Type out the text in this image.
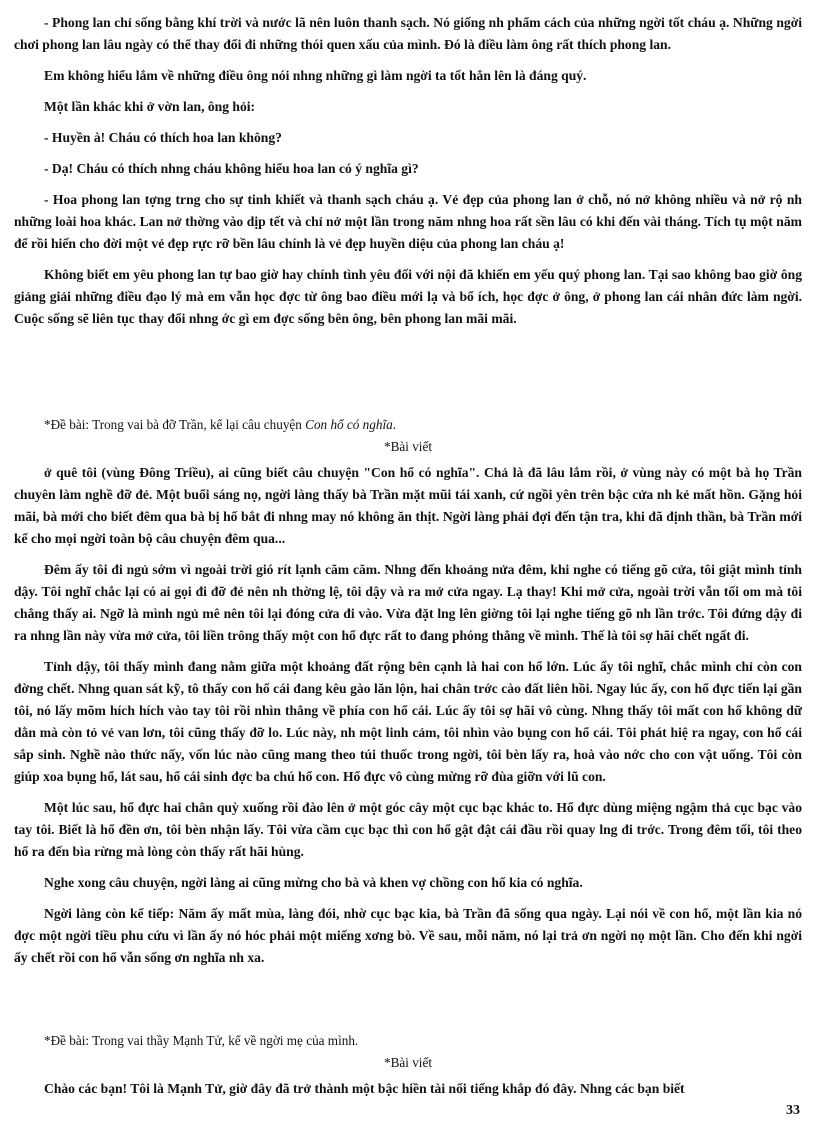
- Phong lan chỉ sống bằng khí trời và nước lã nên luôn thanh sạch. Nó giống nh phẩm cách của những ngời tốt cháu ạ. Những ngời chơi phong lan lâu ngày có thể thay đổi đi những thói quen xấu của mình. Đó là điều làm ông rất thích phong lan.

Em không hiểu lắm về những điều ông nói nhng những gì làm ngời ta tốt hẳn lên là đáng quý.

Một lần khác khi ở vờn lan, ông hỏi:

- Huyền à! Cháu có thích hoa lan không?

- Dạ! Cháu có thích nhng cháu không hiểu hoa lan có ý nghĩa gì?

- Hoa phong lan tợng trng cho sự tinh khiết và thanh sạch cháu ạ. Vẻ đẹp của phong lan ở chỗ, nó nở không nhiều và nở rộ nh những loài hoa khác. Lan nở thờng vào dịp tết và chỉ nở một lần trong năm nhng hoa rất sền lâu có khi đến vài tháng. Tích tụ một năm để rồi hiến cho đời một vẻ đẹp rực rỡ bền lâu chính là vẻ đẹp huyền diệu của phong lan cháu ạ!

Không biết em yêu phong lan tự bao giờ hay chính tình yêu đối với nội đã khiến em yếu quý phong lan. Tại sao không bao giờ ông giảng giải những điều đạo lý mà em vẫn học đợc từ ông bao điều mới lạ và bổ ích, học đợc ở ông, ở phong lan cái nhân đức làm ngời. Cuộc sống sẽ liên tục thay đổi nhng ớc gì em đợc sống bên ông, bên phong lan mãi mãi.

*Đề bài: Trong vai bà đỡ Trần, kể lại câu chuyện Con hổ có nghĩa.

*Bài viết

ở quê tôi (vùng Đông Triều), ai cũng biết câu chuyện "Con hổ có nghĩa". Chả là đã lâu lắm rồi, ở vùng này có một bà họ Trần chuyên làm nghề đỡ đẻ. Một buổi sáng nọ, ngời làng thấy bà Trần mặt mũi tái xanh, cứ ngồi yên trên bậc cửa nh kẻ mất hồn. Gặng hỏi mãi, bà mới cho biết đêm qua bà bị hổ bắt đi nhng may nó không ăn thịt. Ngời làng phải đợi đến tận tra, khi đã định thần, bà Trần mới kể cho mọi ngời toàn bộ câu chuyện đêm qua...

Đêm ấy tôi đi ngủ sớm vì ngoài trời gió rít lạnh căm căm. Nhng đến khoảng nửa đêm, khi nghe có tiếng gõ cửa, tôi giật mình tỉnh dậy. Tôi nghĩ chắc lại có ai gọi đi đỡ đẻ nên nh thờng lệ, tôi dậy và ra mở cửa ngay. Lạ thay! Khi mở cửa, ngoài trời vẫn tối om mà tôi chẳng thấy ai. Ngỡ là mình ngủ mê nên tôi lại đóng cửa đi vào. Vừa đặt lng lên giờng tôi lại nghe tiếng gõ nh lần trớc. Tôi đứng dậy đi ra nhng lần này vừa mở cửa, tôi liền trông thấy một con hổ đực rất to đang phóng thẳng về mình. Thế là tôi sợ hãi chết ngất đi.

Tỉnh dậy, tôi thấy mình đang nằm giữa một khoảng đất rộng bên cạnh là hai con hổ lớn. Lúc ấy tôi nghĩ, chắc mình chỉ còn con đờng chết. Nhng quan sát kỹ, tô thấy con hổ cái đang kêu gào lăn lộn, hai chân trớc cào đất liên hồi. Ngay lúc ấy, con hổ đực tiến lại gần tôi, nó lấy mõm hích hích vào tay tôi rồi nhìn thẳng về phía con hổ cái. Lúc ấy tôi sợ hãi vô cùng. Nhng thấy tôi mất con hổ không dữ dằn mà còn tỏ vẻ van lơn, tôi cũng thấy đỡ lo. Lúc này, nh một linh cảm, tôi nhìn vào bụng con hổ cái. Tôi phát hiệ ra ngay, con hổ cái sắp sinh. Nghề nào thức nấy, vốn lúc nào cũng mang theo túi thuốc trong ngời, tôi bèn lấy ra, hoà vào nớc cho con vật uống. Tôi còn giúp xoa bụng hổ, lát sau, hổ cái sinh đợc ba chú hổ con. Hổ đực vô cùng mừng rỡ đùa giỡn với lũ con.

Một lúc sau, hổ đực hai chân quỳ xuống rồi đào lên ở một góc cây một cục bạc khác to. Hổ đực dùng miệng ngậm thả cục bạc vào tay tôi. Biết là hổ đền ơn, tôi bèn nhận lấy. Tôi vừa cầm cục bạc thì con hổ gật đật cái đầu rồi quay lng đi trớc. Trong đêm tối, tôi theo hổ ra đến bìa rừng mà lòng còn thấy rất hãi hùng.

Nghe xong câu chuyện, ngời làng ai cũng mừng cho bà và khen vợ chồng con hổ kia có nghĩa.

Ngời làng còn kể tiếp: Năm ấy mất mùa, làng đói, nhờ cục bạc kia, bà Trần đã sống qua ngày. Lại nói về con hổ, một lần kia nó đợc một ngời tiều phu cứu vì lần ấy nó hóc phải một miếng xơng bò. Về sau, mỗi năm, nó lại trả ơn ngời nọ một lần. Cho đến khi ngời ấy chết rồi con hổ vẫn sống ơn nghĩa nh xa.

*Đề bài: Trong vai thầy Mạnh Tử, kể về ngời mẹ của mình.

*Bài viết

Chào các bạn! Tôi là Mạnh Tử, giờ đây đã trở thành một bậc hiền tài nổi tiếng khắp đó đây. Nhng các bạn biết

33
